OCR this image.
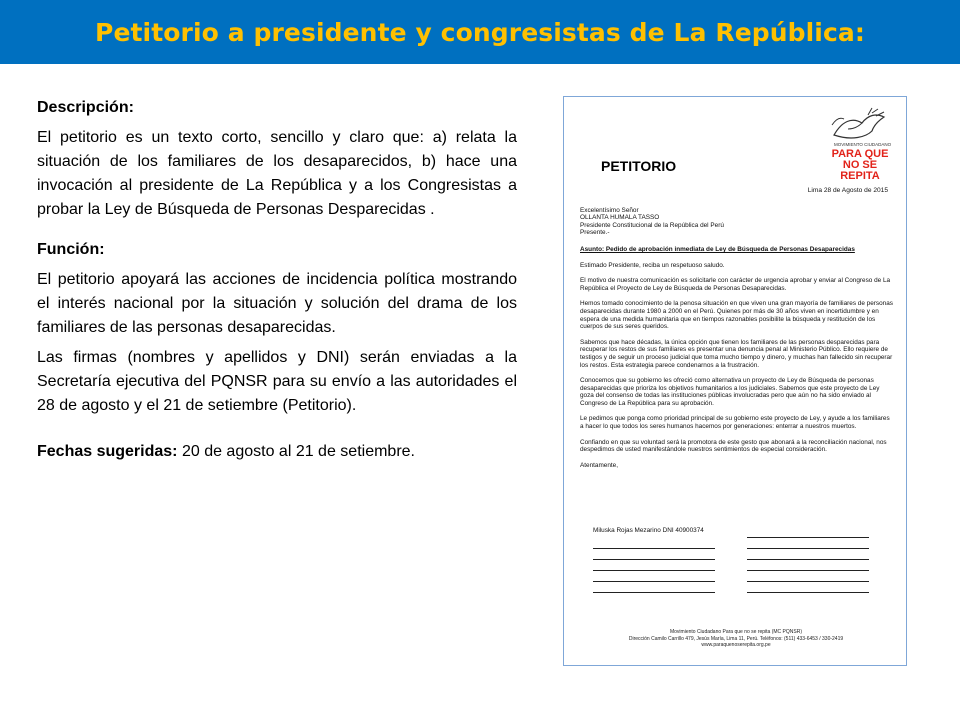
Petitorio a presidente y congresistas de La República:
Descripción:

El petitorio es un texto corto, sencillo y claro que: a) relata la situación de los familiares de los desaparecidos, b) hace una invocación al presidente de La República y a los Congresistas a probar la Ley de Búsqueda de Personas Desparecidas .

Función:

El petitorio apoyará las acciones de incidencia política mostrando el interés nacional por la situación y solución del drama de los familiares de las personas desaparecidas.

Las firmas (nombres y apellidos y DNI) serán enviadas a la Secretaría ejecutiva del PQNSR para su envío a las autoridades el 28 de agosto y el 21 de setiembre (Petitorio).

Fechas sugeridas: 20 de agosto al 21 de setiembre.

PETITORIO
MOVIMIENTO CIUDADANO
PARA QUE NO SE REPITA
Lima 28 de Agosto de 2015
Excelentísimo Señor
OLLANTA HUMALA TASSO
Presidente Constitucional de la República del Perú
Presente.-
Asunto: Pedido de aprobación inmediata de Ley de Búsqueda de Personas Desaparecidas
Estimado Presidente, reciba un respetuoso saludo.
El motivo de nuestra comunicación es solicitarle con carácter de urgencia aprobar y enviar al Congreso de La República el Proyecto de Ley de Búsqueda de Personas Desaparecidas.
Hemos tomado conocimiento de la penosa situación en que viven una gran mayoría de familiares de personas desaparecidas durante 1980 a 2000 en el Perú. Quienes por más de 30 años viven en incertidumbre y en espera de una medida humanitaria que en tiempos razonables posibilite la búsqueda y restitución de los cuerpos de sus seres queridos.
Sabemos que hace décadas, la única opción que tienen los familiares de las personas desparecidas para recuperar los restos de sus familiares es presentar una denuncia penal al Ministerio Público. Ello requiere de testigos y de seguir un proceso judicial que toma mucho tiempo y dinero, y muchas han fallecido sin recuperar los restos. Esta estrategia parece condenarnos a la frustración.
Conocemos que su gobierno les ofreció como alternativa un proyecto de Ley de Búsqueda de personas desaparecidas que prioriza los objetivos humanitarios a los judiciales. Sabemos que este proyecto de Ley goza del consenso de todas las instituciones públicas involucradas pero que aún no ha sido enviado al Congreso de La República para su aprobación.
Le pedimos que ponga como prioridad principal de su gobierno este proyecto de Ley, y ayude a los familiares a hacer lo que todos los seres humanos hacemos por generaciones: enterrar a nuestros muertos.
Confiando en que su voluntad será la promotora de este gesto que abonará a la reconciliación nacional, nos despedimos de usted manifestándole nuestros sentimientos de especial consideración.
Atentamente,
Miluska Rojas Mezarino DNI 40900374
Movimiento Ciudadano Para que no se repita (MC PQNSR)
Dirección Camilo Carrillo 479, Jesús María, Lima 11, Perú. Teléfonos: (511) 433-6453 / 330-2419
www.paraquenoserepita.org.pe
